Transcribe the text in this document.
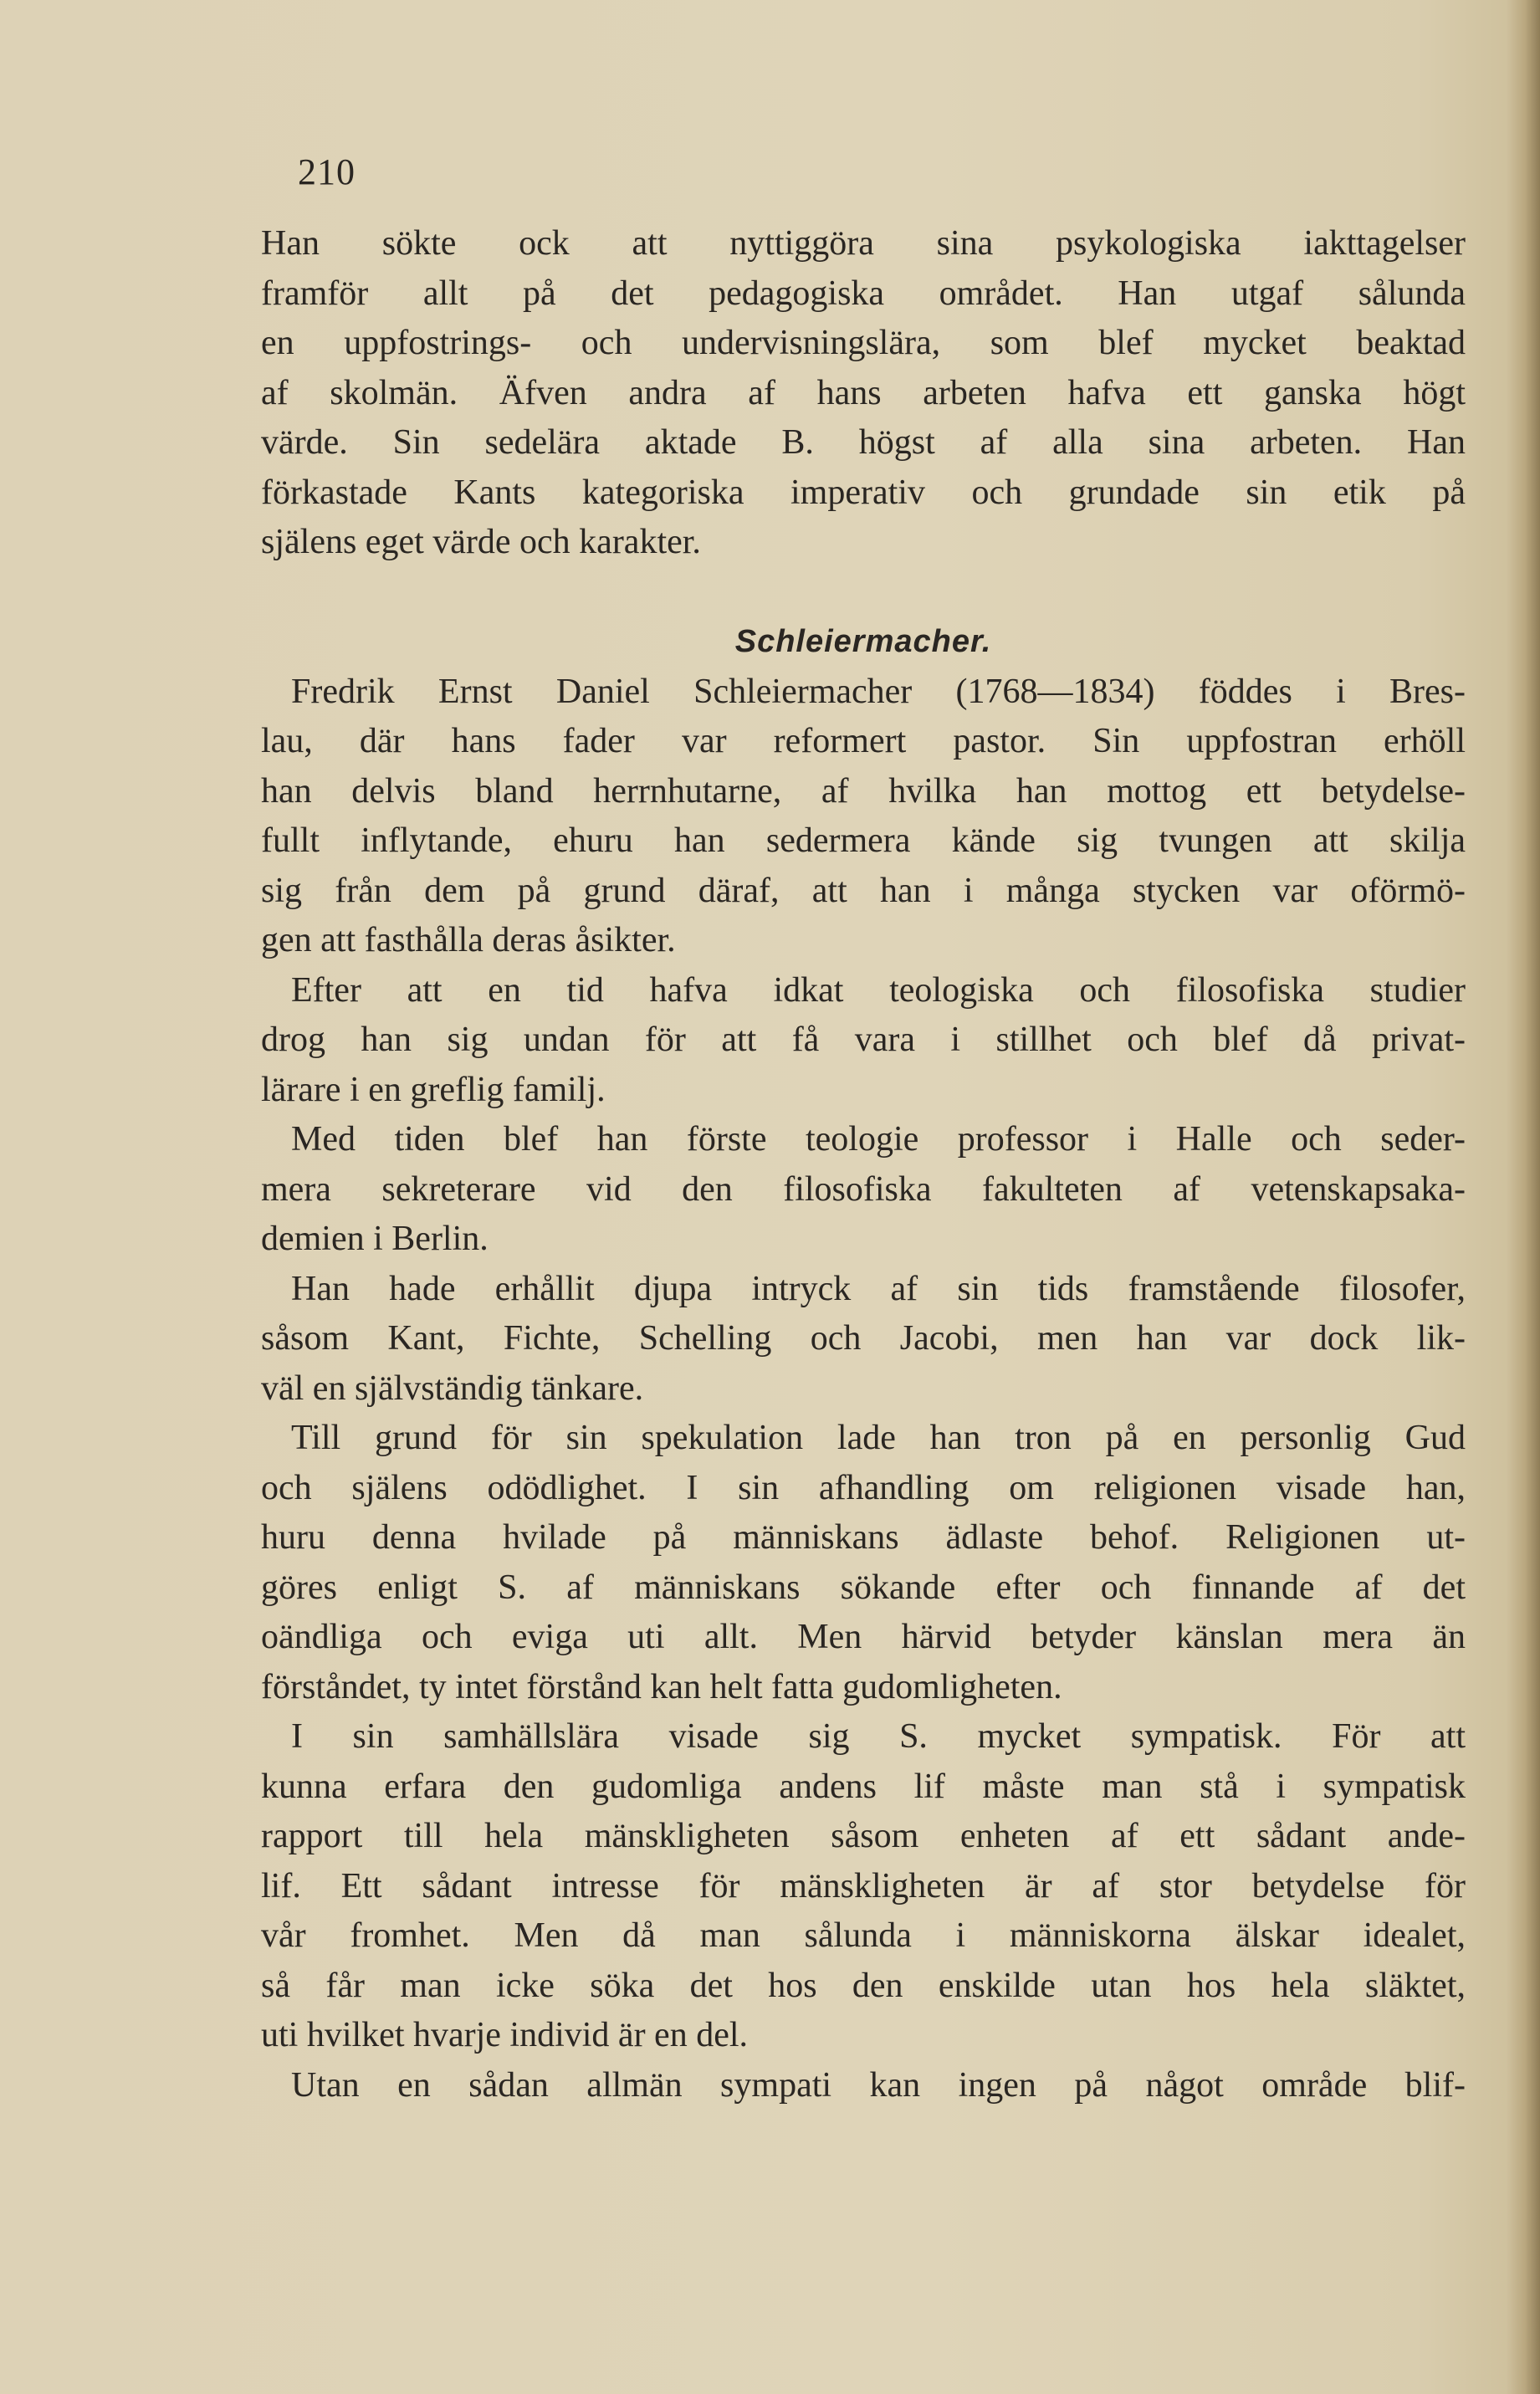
210
Han sökte ock att nyttiggöra sina psykologiska iakttagelser
framför allt på det pedagogiska området. Han utgaf sålunda
en uppfostrings- och undervisningslära, som blef mycket beaktad
af skolmän. Äfven andra af hans arbeten hafva ett ganska högt
värde. Sin sedelära aktade B. högst af alla sina arbeten. Han
förkastade Kants kategoriska imperativ och grundade sin etik på
själens eget värde och karakter.
Schleiermacher.
Fredrik Ernst Daniel Schleiermacher (1768—1834) föddes i Bres-
lau, där hans fader var reformert pastor. Sin uppfostran erhöll
han delvis bland herrnhutarne, af hvilka han mottog ett betydelse-
fullt inflytande, ehuru han sedermera kände sig tvungen att skilja
sig från dem på grund däraf, att han i många stycken var oförmö-
gen att fasthålla deras åsikter.
Efter att en tid hafva idkat teologiska och filosofiska studier
drog han sig undan för att få vara i stillhet och blef då privat-
lärare i en greflig familj.
Med tiden blef han förste teologie professor i Halle och seder-
mera sekreterare vid den filosofiska fakulteten af vetenskapsaka-
demien i Berlin.
Han hade erhållit djupa intryck af sin tids framstående filosofer,
såsom Kant, Fichte, Schelling och Jacobi, men han var dock lik-
väl en självständig tänkare.
Till grund för sin spekulation lade han tron på en personlig Gud
och själens odödlighet. I sin afhandling om religionen visade han,
huru denna hvilade på människans ädlaste behof. Religionen ut-
göres enligt S. af människans sökande efter och finnande af det
oändliga och eviga uti allt. Men härvid betyder känslan mera än
förståndet, ty intet förstånd kan helt fatta gudomligheten.
I sin samhällslära visade sig S. mycket sympatisk. För att
kunna erfara den gudomliga andens lif måste man stå i sympatisk
rapport till hela mänskligheten såsom enheten af ett sådant ande-
lif. Ett sådant intresse för mänskligheten är af stor betydelse för
vår fromhet. Men då man sålunda i människorna älskar idealet,
så får man icke söka det hos den enskilde utan hos hela släktet,
uti hvilket hvarje individ är en del.
Utan en sådan allmän sympati kan ingen på något område blif-
